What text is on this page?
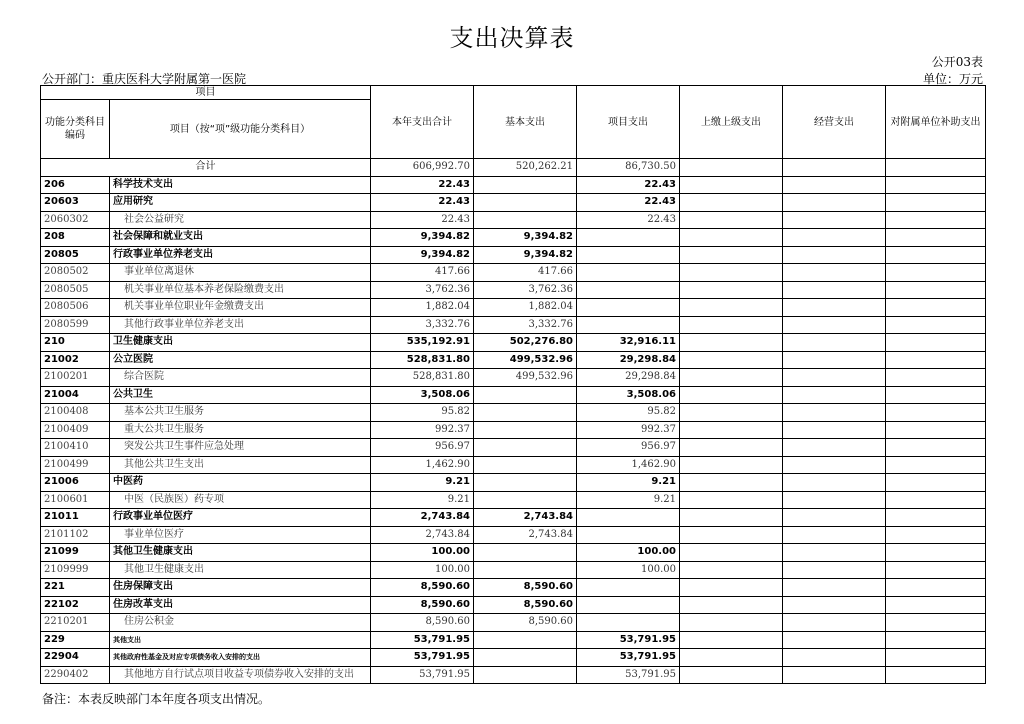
支出决算表
公开03表
公开部门：重庆医科大学附属第一医院	单位：万元
项目		本年支出合计	基本支出	项目支出	上缴上级支出	经营支出	对附属单位补助支出
功能分类科目编码	项目（按“项”级功能分类科目）						
合计		606,992.70	520,262.21	86,730.50			
206	科学技术支出	22.43		22.43			
20603	应用研究	22.43		22.43			
2060302	社会公益研究	22.43		22.43			
208	社会保障和就业支出	9,394.82	9,394.82				
20805	行政事业单位养老支出	9,394.82	9,394.82				
2080502	事业单位离退休	417.66	417.66				
2080505	机关事业单位基本养老保险缴费支出	3,762.36	3,762.36				
2080506	机关事业单位职业年金缴费支出	1,882.04	1,882.04				
2080599	其他行政事业单位养老支出	3,332.76	3,332.76				
210	卫生健康支出	535,192.91	502,276.80	32,916.11			
21002	公立医院	528,831.80	499,532.96	29,298.84			
2100201	综合医院	528,831.80	499,532.96	29,298.84			
21004	公共卫生	3,508.06		3,508.06			
2100408	基本公共卫生服务	95.82		95.82			
2100409	重大公共卫生服务	992.37		992.37			
2100410	突发公共卫生事件应急处理	956.97		956.97			
2100499	其他公共卫生支出	1,462.90		1,462.90			
21006	中医药	9.21		9.21			
2100601	中医（民族医）药专项	9.21		9.21			
21011	行政事业单位医疗	2,743.84	2,743.84				
2101102	事业单位医疗	2,743.84	2,743.84				
21099	其他卫生健康支出	100.00		100.00			
2109999	其他卫生健康支出	100.00		100.00			
221	住房保障支出	8,590.60	8,590.60				
22102	住房改革支出	8,590.60	8,590.60				
2210201	住房公积金	8,590.60	8,590.60				
229	其他支出	53,791.95		53,791.95			
22904	其他政府性基金及对应专项债务收入安排的支出	53,791.95		53,791.95			
2290402	其他地方自行试点项目收益专项债券收入安排的支出	53,791.95		53,791.95			
备注：本表反映部门本年度各项支出情况。
